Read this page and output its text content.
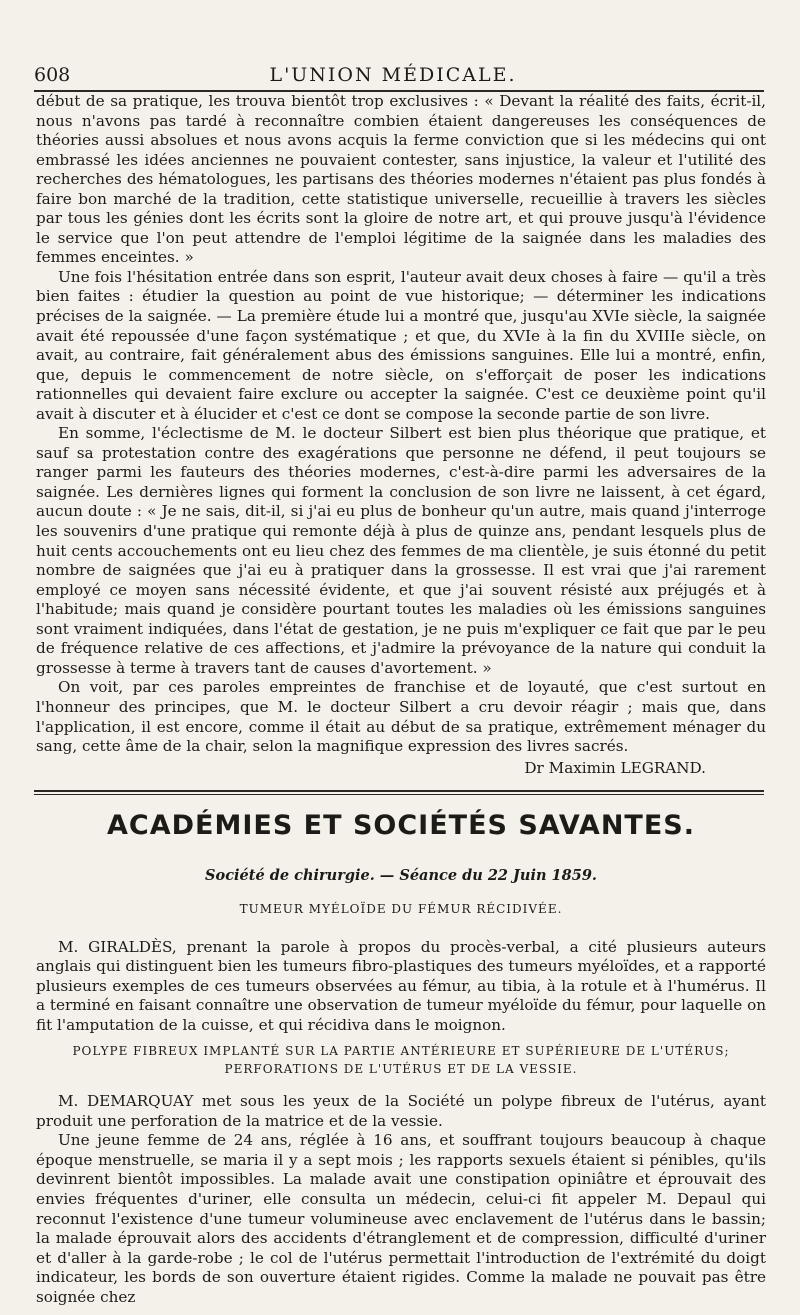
608	L'UNION MÉDICALE.

début de sa pratique, les trouva bientôt trop exclusives : « Devant la réalité des faits, écrit-il, nous n'avons pas tardé à reconnaître combien étaient dangereuses les conséquences de théories aussi absolues et nous avons acquis la ferme conviction que si les médecins qui ont embrassé les idées anciennes ne pouvaient contester, sans injustice, la valeur et l'utilité des recherches des hématologues, les partisans des théories modernes n'étaient pas plus fondés à faire bon marché de la tradition, cette statistique universelle, recueillie à travers les siècles par tous les génies dont les écrits sont la gloire de notre art, et qui prouve jusqu'à l'évidence le service que l'on peut attendre de l'emploi légitime de la saignée dans les maladies des femmes enceintes. »

Une fois l'hésitation entrée dans son esprit, l'auteur avait deux choses à faire — qu'il a très bien faites : étudier la question au point de vue historique; — déterminer les indications précises de la saignée. — La première étude lui a montré que, jusqu'au XVIe siècle, la saignée avait été repoussée d'une façon systématique ; et que, du XVIe à la fin du XVIIIe siècle, on avait, au contraire, fait généralement abus des émissions sanguines. Elle lui a montré, enfin, que, depuis le commencement de notre siècle, on s'efforçait de poser les indications rationnelles qui devaient faire exclure ou accepter la saignée. C'est ce deuxième point qu'il avait à discuter et à élucider et c'est ce dont se compose la seconde partie de son livre.

En somme, l'éclectisme de M. le docteur Silbert est bien plus théorique que pratique, et sauf sa protestation contre des exagérations que personne ne défend, il peut toujours se ranger parmi les fauteurs des théories modernes, c'est-à-dire parmi les adversaires de la saignée. Les dernières lignes qui forment la conclusion de son livre ne laissent, à cet égard, aucun doute : « Je ne sais, dit-il, si j'ai eu plus de bonheur qu'un autre, mais quand j'interroge les souvenirs d'une pratique qui remonte déjà à plus de quinze ans, pendant lesquels plus de huit cents accouchements ont eu lieu chez des femmes de ma clientèle, je suis étonné du petit nombre de saignées que j'ai eu à pratiquer dans la grossesse. Il est vrai que j'ai rarement employé ce moyen sans nécessité évidente, et que j'ai souvent résisté aux préjugés et à l'habitude; mais quand je considère pourtant toutes les maladies où les émissions sanguines sont vraiment indiquées, dans l'état de gestation, je ne puis m'expliquer ce fait que par le peu de fréquence relative de ces affections, et j'admire la prévoyance de la nature qui conduit la grossesse à terme à travers tant de causes d'avortement. »

On voit, par ces paroles empreintes de franchise et de loyauté, que c'est surtout en l'honneur des principes, que M. le docteur Silbert a cru devoir réagir ; mais que, dans l'application, il est encore, comme il était au début de sa pratique, extrêmement ménager du sang, cette âme de la chair, selon la magnifique expression des livres sacrés.

Dr Maximin LEGRAND.
ACADÉMIES ET SOCIÉTÉS SAVANTES.
Société de chirurgie. — Séance du 22 Juin 1859.

TUMEUR MYÉLOÏDE DU FÉMUR RÉCIDIVÉE.

M. GIRALDÈS, prenant la parole à propos du procès-verbal, a cité plusieurs auteurs anglais qui distinguent bien les tumeurs fibro-plastiques des tumeurs myéloïdes, et a rapporté plusieurs exemples de ces tumeurs observées au fémur, au tibia, à la rotule et à l'humérus. Il a terminé en faisant connaître une observation de tumeur myéloïde du fémur, pour laquelle on fit l'amputation de la cuisse, et qui récidiva dans le moignon.

POLYPE FIBREUX IMPLANTÉ SUR LA PARTIE ANTÉRIEURE ET SUPÉRIEURE DE L'UTÉRUS; PERFORATIONS DE L'UTÉRUS ET DE LA VESSIE.

M. DEMARQUAY met sous les yeux de la Société un polype fibreux de l'utérus, ayant produit une perforation de la matrice et de la vessie.

Une jeune femme de 24 ans, réglée à 16 ans, et souffrant toujours beaucoup à chaque époque menstruelle, se maria il y a sept mois ; les rapports sexuels étaient si pénibles, qu'ils devinrent bientôt impossibles. La malade avait une constipation opiniâtre et éprouvait des envies fréquentes d'uriner, elle consulta un médecin, celui-ci fit appeler M. Depaul qui reconnut l'existence d'une tumeur volumineuse avec enclavement de l'utérus dans le bassin; la malade éprouvait alors des accidents d'étranglement et de compression, difficulté d'uriner et d'aller à la garde-robe ; le col de l'utérus permettait l'introduction de l'extrémité du doigt indicateur, les bords de son ouverture étaient rigides. Comme la malade ne pouvait pas être soignée chez
